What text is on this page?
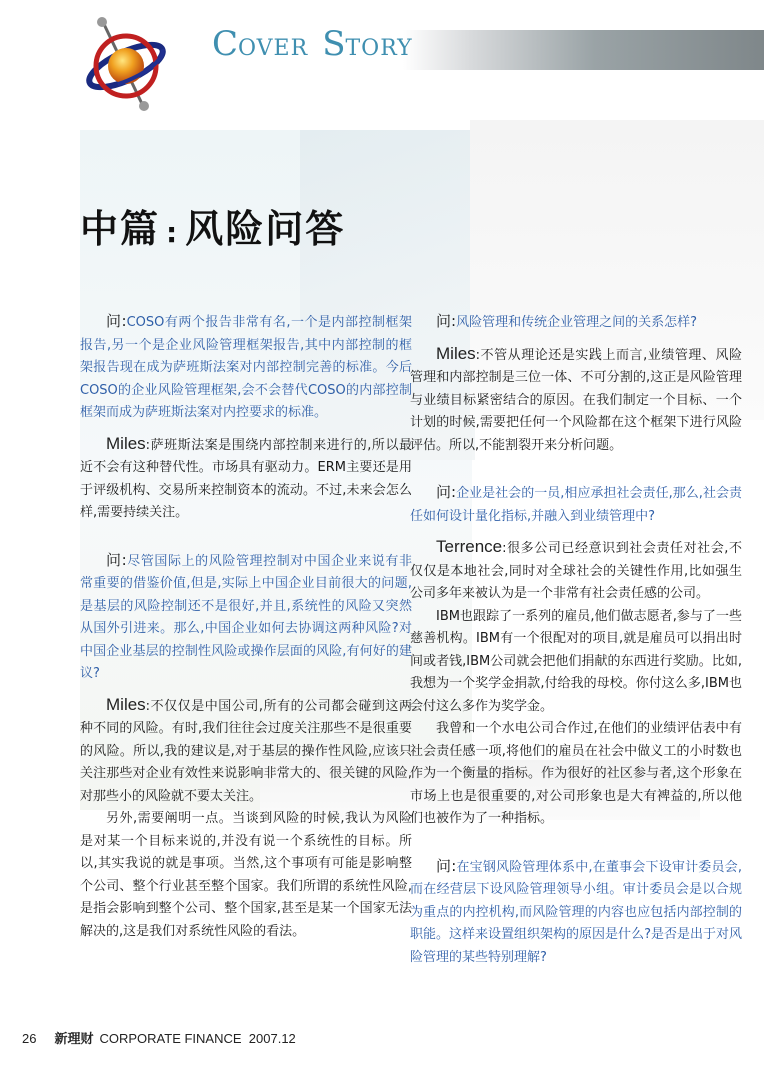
COVER STORY
中篇 : 风险问答

问:COSO有两个报告非常有名,一个是内部控制框架报告,另一个是企业风险管理框架报告,其中内部控制的框架报告现在成为萨班斯法案对内部控制完善的标准。今后COSO的企业风险管理框架,会不会替代COSO的内部控制框架而成为萨班斯法案对内控要求的标准。

Miles:萨班斯法案是围绕内部控制来进行的,所以最近不会有这种替代性。市场具有驱动力。ERM主要还是用于评级机构、交易所来控制资本的流动。不过,未来会怎么样,需要持续关注。

问:尽管国际上的风险管理控制对中国企业来说有非常重要的借鉴价值,但是,实际上中国企业目前很大的问题,是基层的风险控制还不是很好,并且,系统性的风险又突然从国外引进来。那么,中国企业如何去协调这两种风险?对中国企业基层的控制性风险或操作层面的风险,有何好的建议?

Miles:不仅仅是中国公司,所有的公司都会碰到这两种不同的风险。有时,我们往往会过度关注那些不是很重要的风险。所以,我的建议是,对于基层的操作性风险,应该只关注那些对企业有效性来说影响非常大的、很关键的风险,对那些小的风险就不要太关注。

另外,需要阐明一点。当谈到风险的时候,我认为风险是对某一个目标来说的,并没有说一个系统性的目标。所以,其实我说的就是事项。当然,这个事项有可能是影响整个公司、整个行业甚至整个国家。我们所谓的系统性风险,是指会影响到整个公司、整个国家,甚至是某一个国家无法解决的,这是我们对系统性风险的看法。

问:风险管理和传统企业管理之间的关系怎样?

Miles:不管从理论还是实践上而言,业绩管理、风险管理和内部控制是三位一体、不可分割的,这正是风险管理与业绩目标紧密结合的原因。在我们制定一个目标、一个计划的时候,需要把任何一个风险都在这个框架下进行风险评估。所以,不能割裂开来分析问题。

问:企业是社会的一员,相应承担社会责任,那么,社会责任如何设计量化指标,并融入到业绩管理中?

Terrence:很多公司已经意识到社会责任对社会,不仅仅是本地社会,同时对全球社会的关键性作用,比如强生公司多年来被认为是一个非常有社会责任感的公司。

IBM也跟踪了一系列的雇员,他们做志愿者,参与了一些慈善机构。IBM有一个很配对的项目,就是雇员可以捐出时间或者钱,IBM公司就会把他们捐献的东西进行奖励。比如,我想为一个奖学金捐款,付给我的母校。你付这么多,IBM也会付这么多作为奖学金。

我曾和一个水电公司合作过,在他们的业绩评估表中有社会责任感一项,将他们的雇员在社会中做义工的小时数也作为一个衡量的指标。作为很好的社区参与者,这个形象在市场上也是很重要的,对公司形象也是大有裨益的,所以他们也被作为了一种指标。

问:在宝钢风险管理体系中,在董事会下设审计委员会,而在经营层下设风险管理领导小组。审计委员会是以合规为重点的内控机构,而风险管理的内容也应包括内部控制的职能。这样来设置组织架构的原因是什么?是否是出于对风险管理的某些特别理解?

26 新理财 CORPORATE FINANCE 2007.12
